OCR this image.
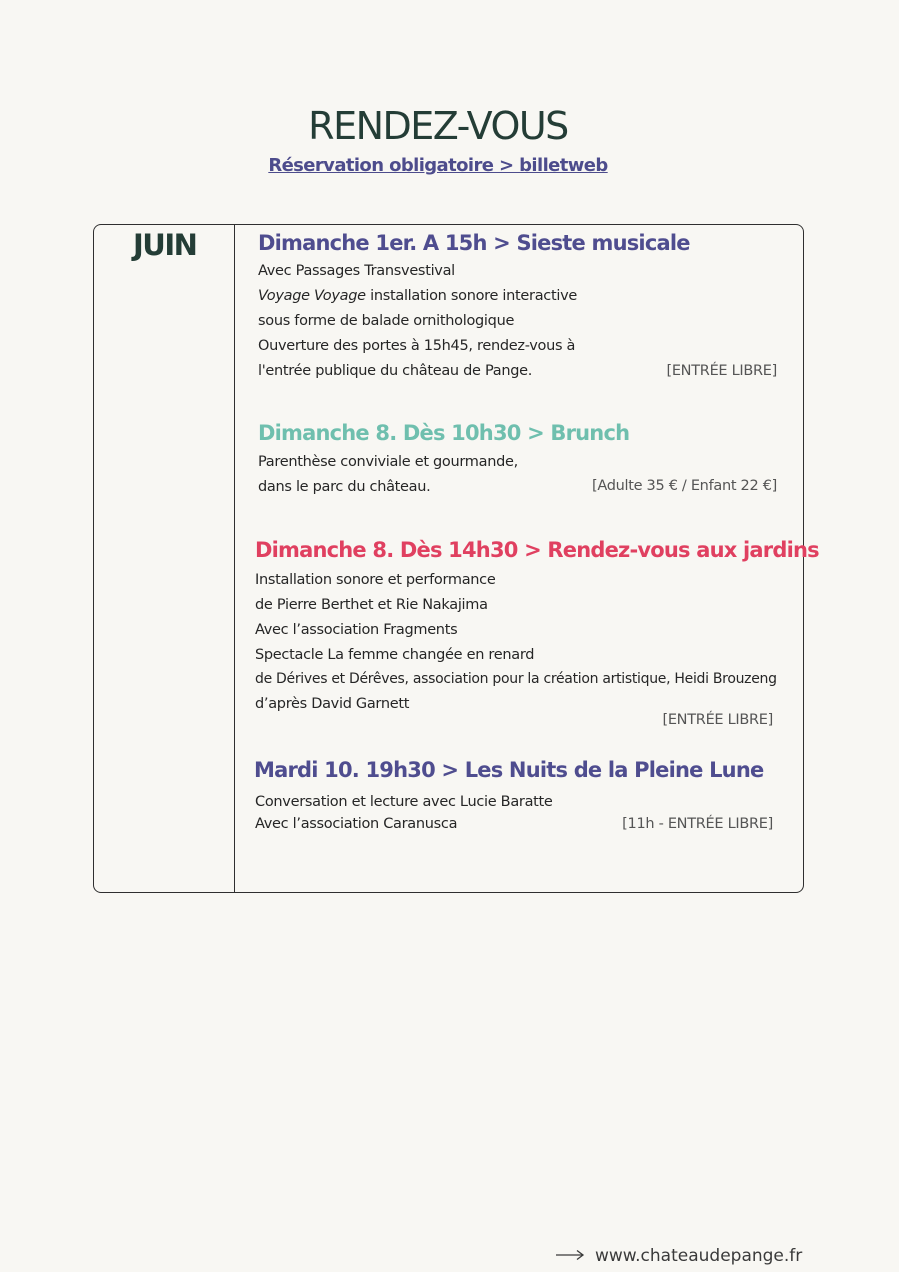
RENDEZ-VOUS
Réservation obligatoire > billetweb
JUIN	Dimanche 1er. A 15h > Sieste musicale
Avec Passages Transvestival
Voyage Voyage installation sonore interactive
sous forme de balade ornithologique
Ouverture des portes à 15h45, rendez-vous à
l'entrée publique du château de Pange.	[ENTRÉE LIBRE]
Dimanche 8. Dès 10h30 > Brunch
Parenthèse conviviale et gourmande,
dans le parc du château.	[Adulte 35 € / Enfant 22 €]
Dimanche 8. Dès 14h30 > Rendez-vous aux jardins
Installation sonore et performance
de Pierre Berthet et Rie Nakajima
Avec l’association Fragments
Spectacle La femme changée en renard
de Dérives et Dérêves, association pour la création artistique, Heidi Brouzeng
d’après David Garnett
[ENTRÉE LIBRE]
Mardi 10. 19h30 > Les Nuits de la Pleine Lune
Conversation et lecture avec Lucie Baratte
Avec l’association Caranusca	[11h - ENTRÉE LIBRE]
www.chateaudepange.fr
